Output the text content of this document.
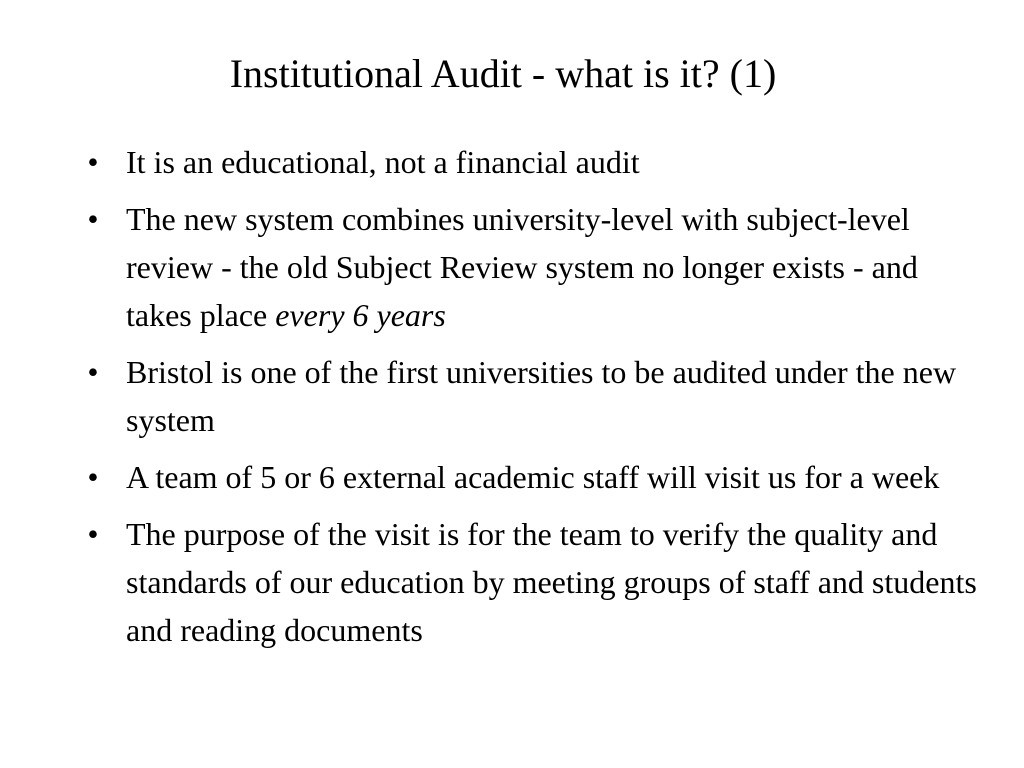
Institutional Audit - what is it? (1)
• It is an educational, not a financial audit
• The new system combines university-level with subject-level review - the old Subject Review system no longer exists - and takes place every 6 years
• Bristol is one of the first universities to be audited under the new system
• A team of 5 or 6 external academic staff will visit us for a week
• The purpose of the visit is for the team to verify the quality and standards of our education by meeting groups of staff and students and reading documents
